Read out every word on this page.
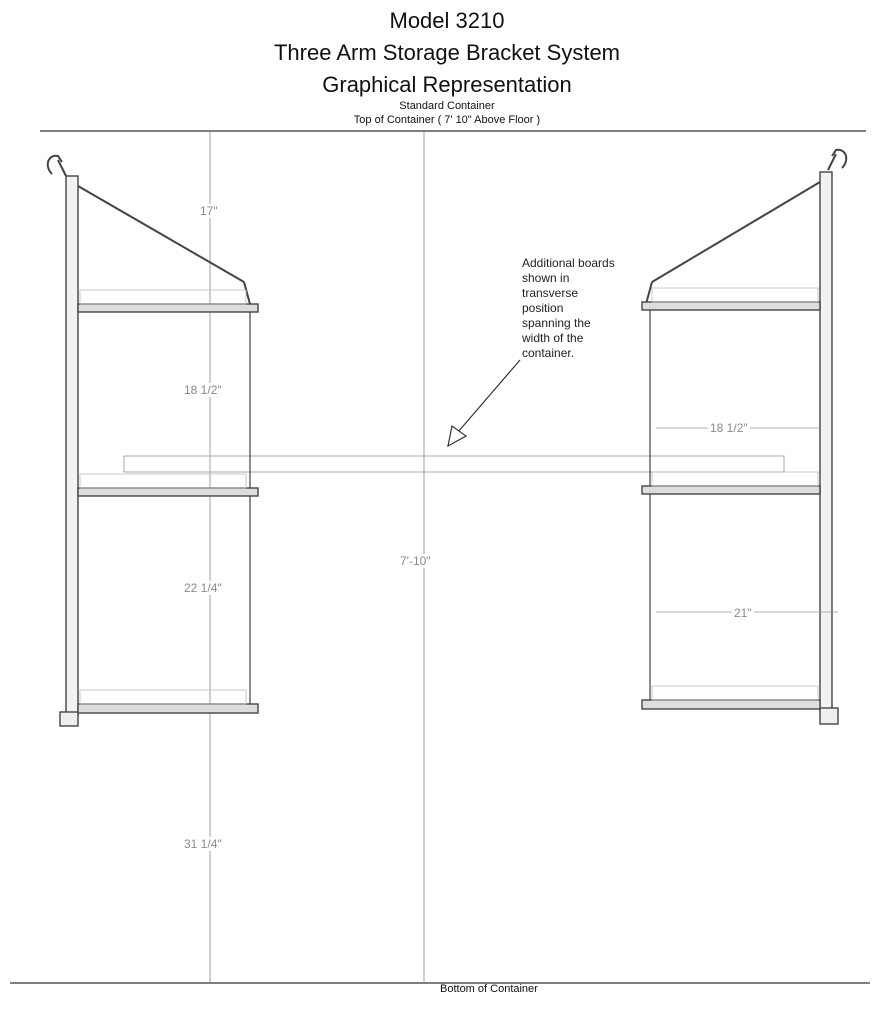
Model 3210
Three Arm Storage Bracket System
Graphical Representation
Standard Container
Top of Container ( 7' 10" Above Floor )
17"
18 1/2"
22 1/4"
31 1/4"
7'-10"
18 1/2"
21"
Additional boards
shown in
transverse
position
spanning the
width of the
container.
Bottom of Container
